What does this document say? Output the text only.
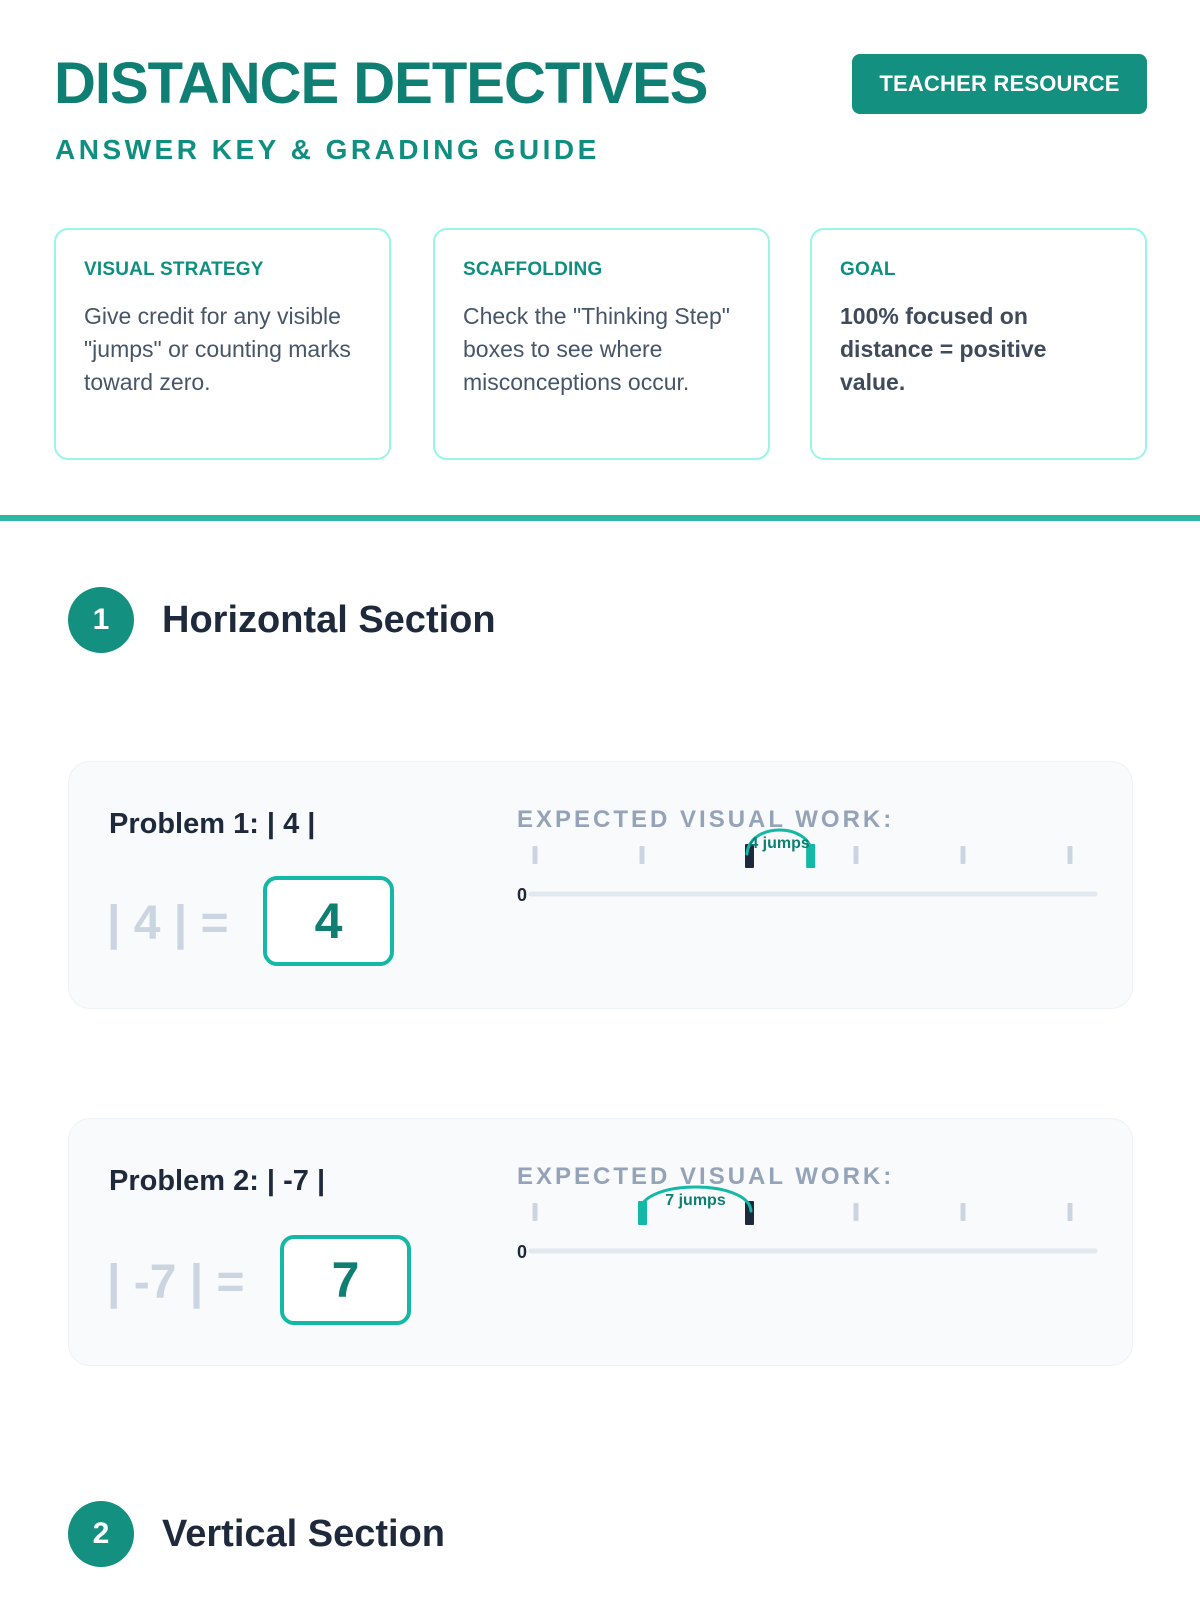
DISTANCE DETECTIVES
ANSWER KEY & GRADING GUIDE
TEACHER RESOURCE
VISUAL STRATEGY
Give credit for any visible "jumps" or counting marks toward zero.
SCAFFOLDING
Check the "Thinking Step" boxes to see where misconceptions occur.
GOAL
100% focused on distance = positive value.
1	Horizontal Section
Problem 1: | 4 |
| 4 | =	4
EXPECTED VISUAL WORK:
0
4 jumps
Problem 2: | -7 |
| -7 | =	7
EXPECTED VISUAL WORK:
0
7 jumps
2	Vertical Section
